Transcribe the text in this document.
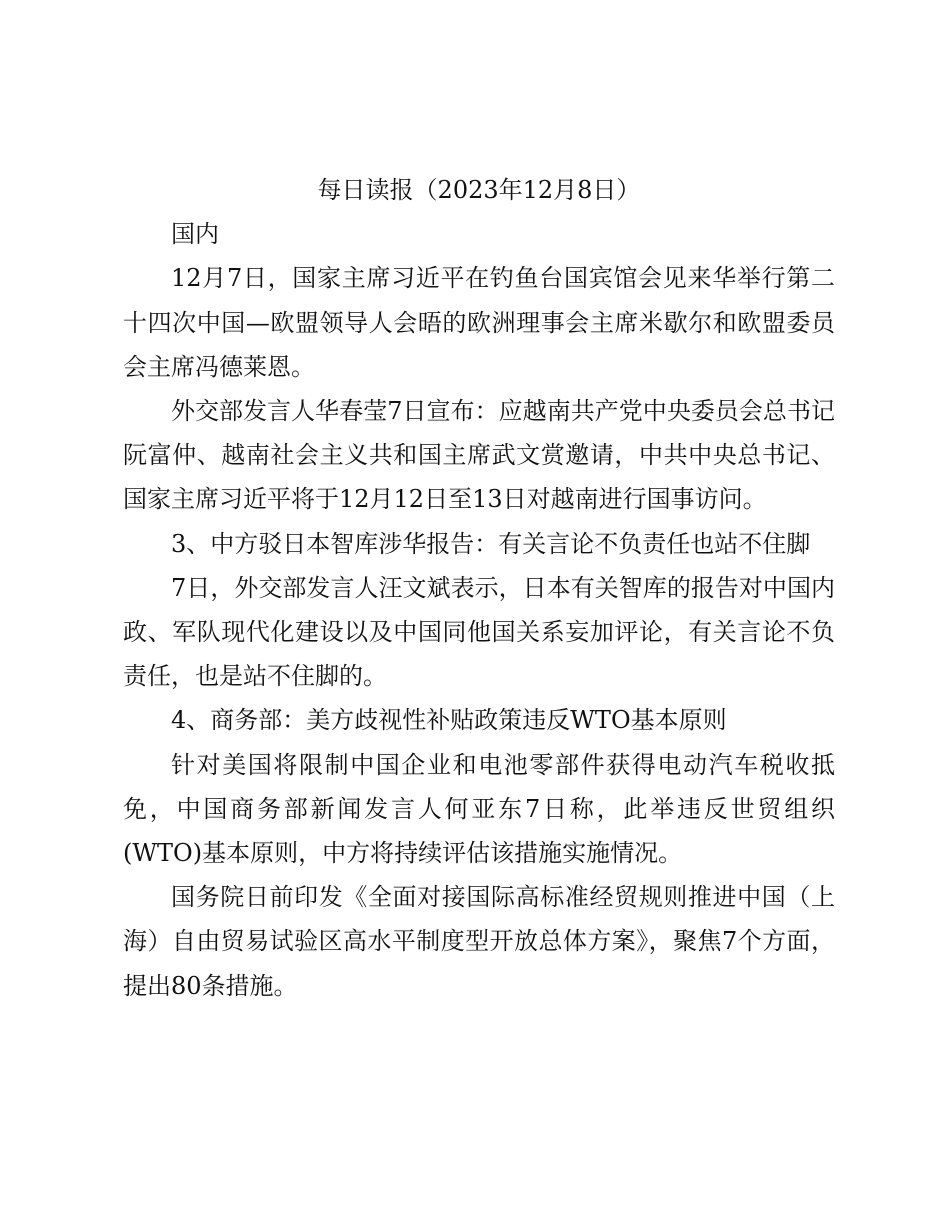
每日读报（2023年12月8日）

国内

12月7日，国家主席习近平在钓鱼台国宾馆会见来华举行第二十四次中国—欧盟领导人会晤的欧洲理事会主席米歇尔和欧盟委员会主席冯德莱恩。

外交部发言人华春莹7日宣布：应越南共产党中央委员会总书记阮富仲、越南社会主义共和国主席武文赏邀请，中共中央总书记、国家主席习近平将于12月12日至13日对越南进行国事访问。

3、中方驳日本智库涉华报告：有关言论不负责任也站不住脚

7日，外交部发言人汪文斌表示，日本有关智库的报告对中国内政、军队现代化建设以及中国同他国关系妄加评论，有关言论不负责任，也是站不住脚的。

4、商务部：美方歧视性补贴政策违反WTO基本原则

针对美国将限制中国企业和电池零部件获得电动汽车税收抵免，中国商务部新闻发言人何亚东7日称，此举违反世贸组织(WTO)基本原则，中方将持续评估该措施实施情况。

国务院日前印发《全面对接国际高标准经贸规则推进中国（上海）自由贸易试验区高水平制度型开放总体方案》，聚焦7个方面，提出80条措施。
